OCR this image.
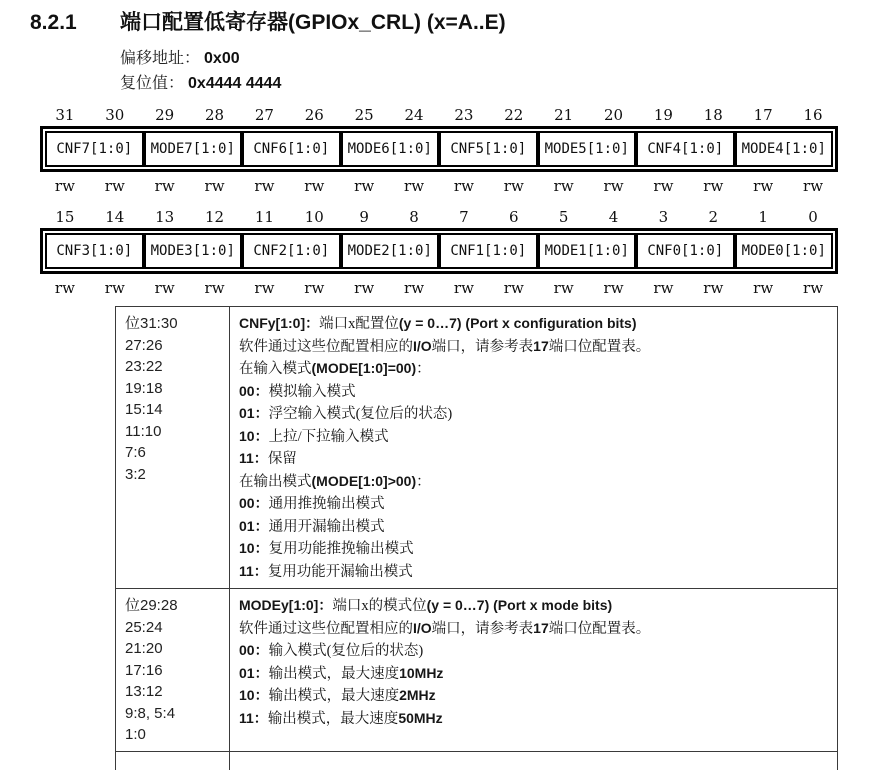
8.2.1	端口配置低寄存器(GPIOx_CRL) (x=A..E)
偏移地址： 0x00
复位值： 0x4444 4444
31	30	29	28	27	26	25	24	23	22	21	20	19	18	17	16
CNF7[1:0]	MODE7[1:0]	CNF6[1:0]	MODE6[1:0]	CNF5[1:0]	MODE5[1:0]	CNF4[1:0]	MODE4[1:0]
rw	rw	rw	rw	rw	rw	rw	rw	rw	rw	rw	rw	rw	rw	rw	rw
15	14	13	12	11	10	9	8	7	6	5	4	3	2	1	0
CNF3[1:0]	MODE3[1:0]	CNF2[1:0]	MODE2[1:0]	CNF1[1:0]	MODE1[1:0]	CNF0[1:0]	MODE0[1:0]
rw	rw	rw	rw	rw	rw	rw	rw	rw	rw	rw	rw	rw	rw	rw	rw
位31:30
27:26
23:22
19:18
15:14
11:10
7:6
3:2

CNFy[1:0]：端口x配置位(y = 0…7) (Port x configuration bits)
软件通过这些位配置相应的I/O端口，请参考表17端口位配置表。
在输入模式(MODE[1:0]=00)：
00：模拟输入模式
01：浮空输入模式(复位后的状态)
10：上拉/下拉输入模式
11：保留
在输出模式(MODE[1:0]>00)：
00：通用推挽输出模式
01：通用开漏输出模式
10：复用功能推挽输出模式
11：复用功能开漏输出模式

位29:28
25:24
21:20
17:16
13:12
9:8, 5:4
1:0

MODEy[1:0]：端口x的模式位(y = 0…7) (Port x mode bits)
软件通过这些位配置相应的I/O端口，请参考表17端口位配置表。
00：输入模式(复位后的状态)
01：输出模式，最大速度10MHz
10：输出模式，最大速度2MHz
11：输出模式，最大速度50MHz
